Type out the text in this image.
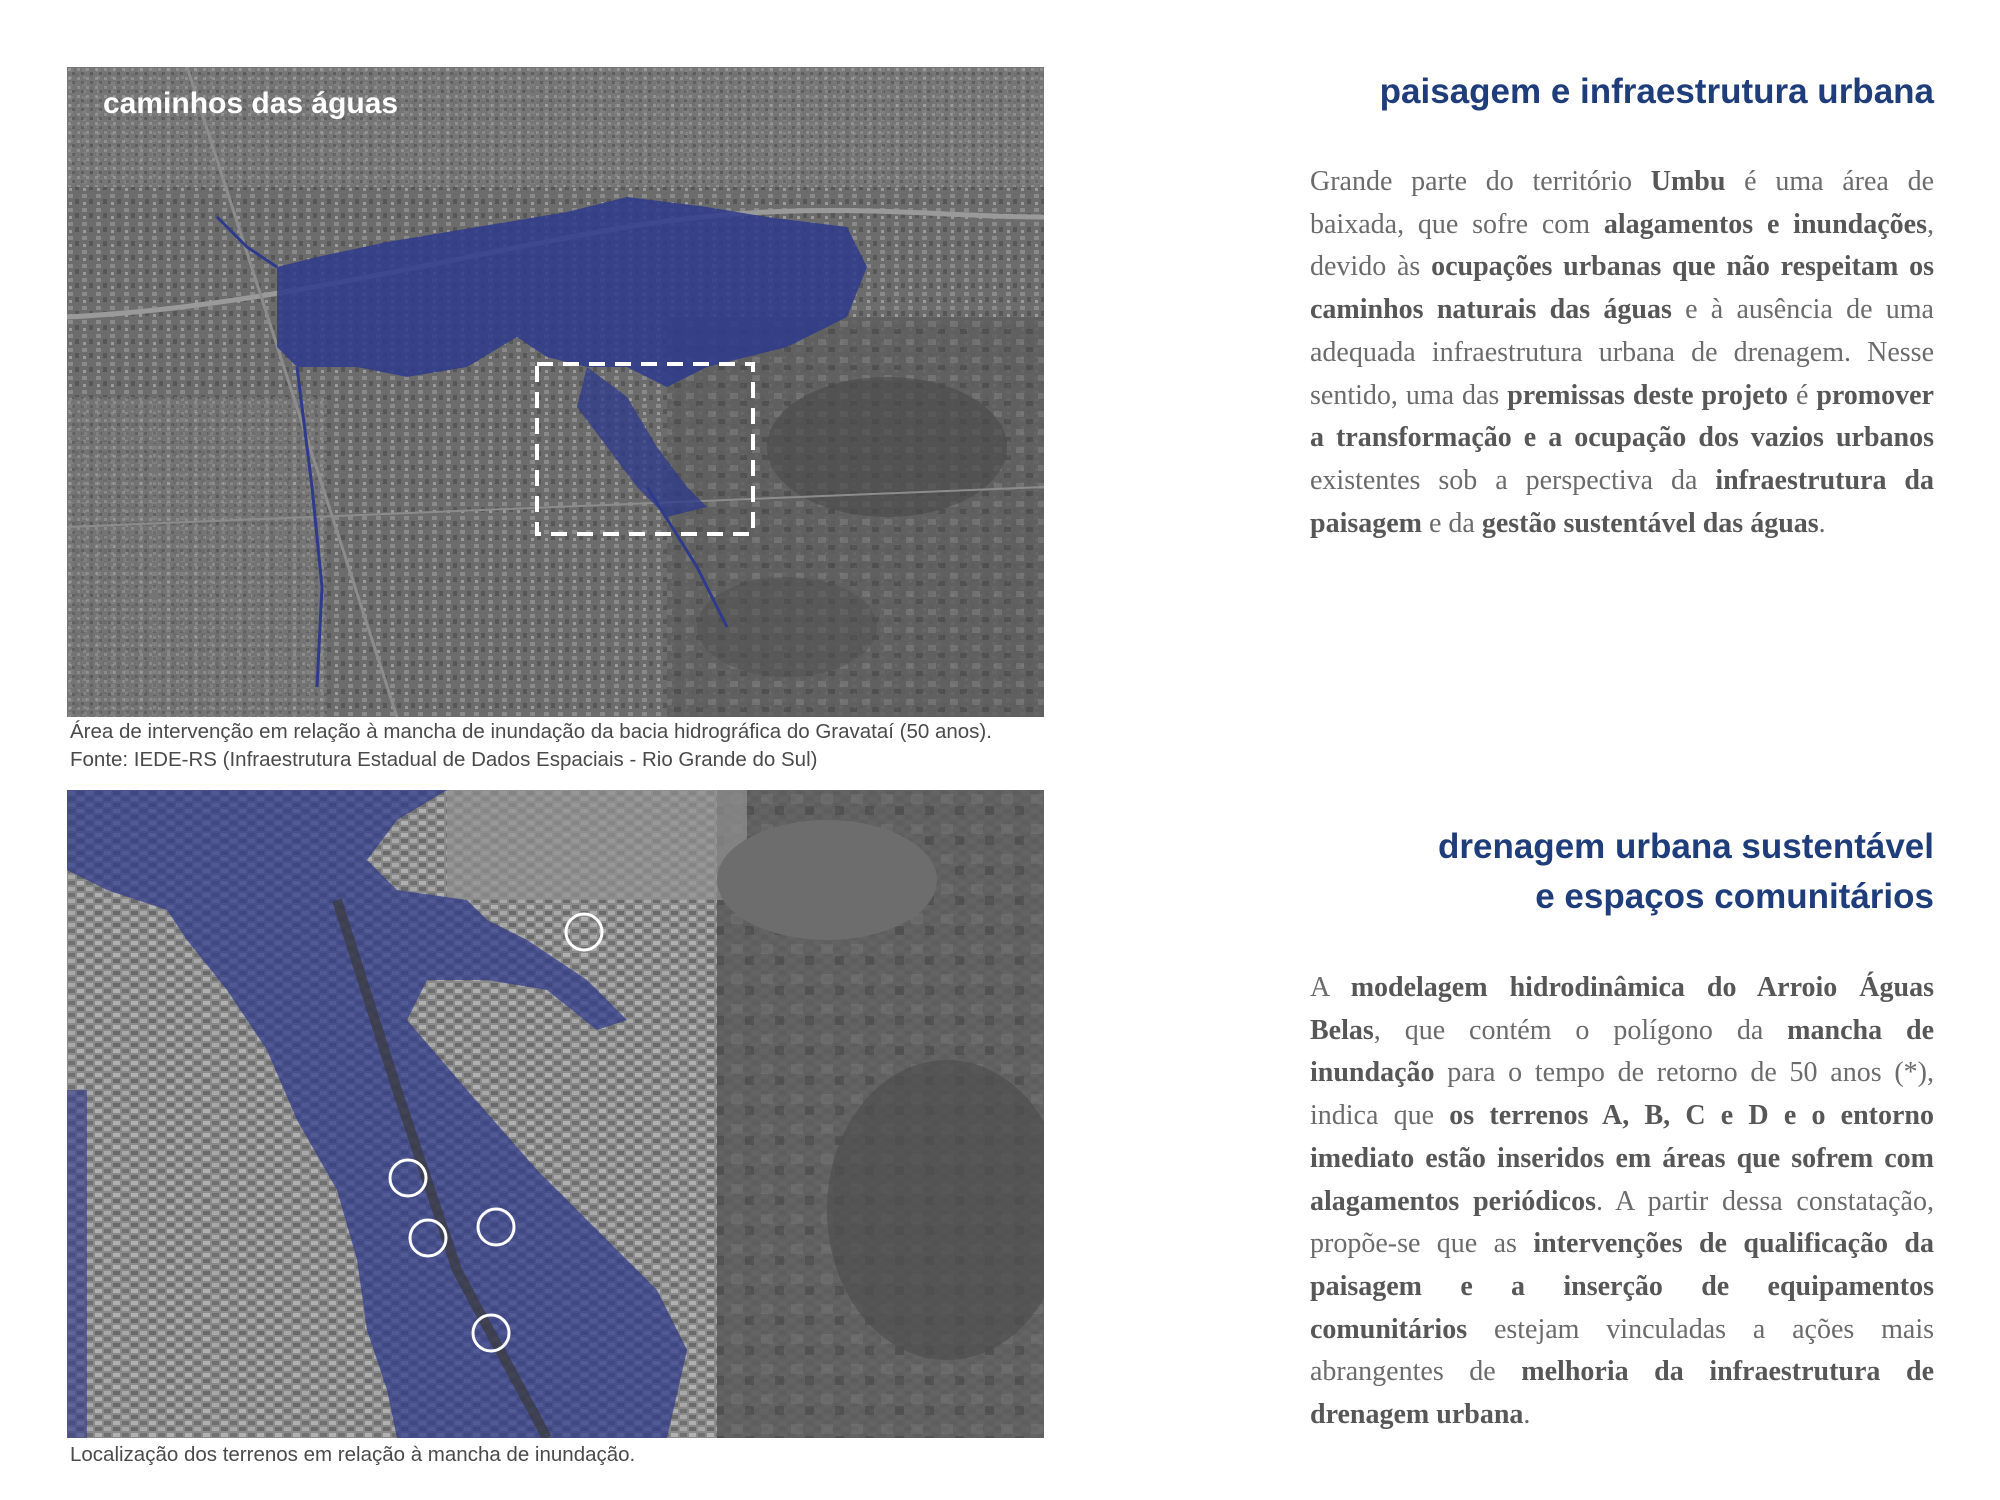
caminhos das águas
Área de intervenção em relação à mancha de inundação da bacia hidrográfica do Gravataí (50 anos). Fonte: IEDE-RS (Infraestrutura Estadual de Dados Espaciais - Rio Grande do Sul)
Localização dos terrenos em relação à mancha de inundação.
paisagem e infraestrutura urbana
Grande parte do território Umbu é uma área de baixada, que sofre com alagamentos e inundações, devido às ocupações urbanas que não respeitam os caminhos naturais das águas e à ausência de uma adequada infraestrutura urbana de drenagem. Nesse sentido, uma das premissas deste projeto é promover a transformação e a ocupação dos vazios urbanos existentes sob a perspectiva da infraestrutura da paisagem e da gestão sustentável das águas.
drenagem urbana sustentável
e espaços comunitários
A modelagem hidrodinâmica do Arroio Águas Belas, que contém o polígono da mancha de inundação para o tempo de retorno de 50 anos (*), indica que os terrenos A, B, C e D e o entorno imediato estão inseridos em áreas que sofrem com alagamentos periódicos. A partir dessa constatação, propõe-se que as intervenções de qualificação da paisagem e a inserção de equipamentos comunitários estejam vinculadas a ações mais abrangentes de melhoria da infraestrutura de drenagem urbana.
